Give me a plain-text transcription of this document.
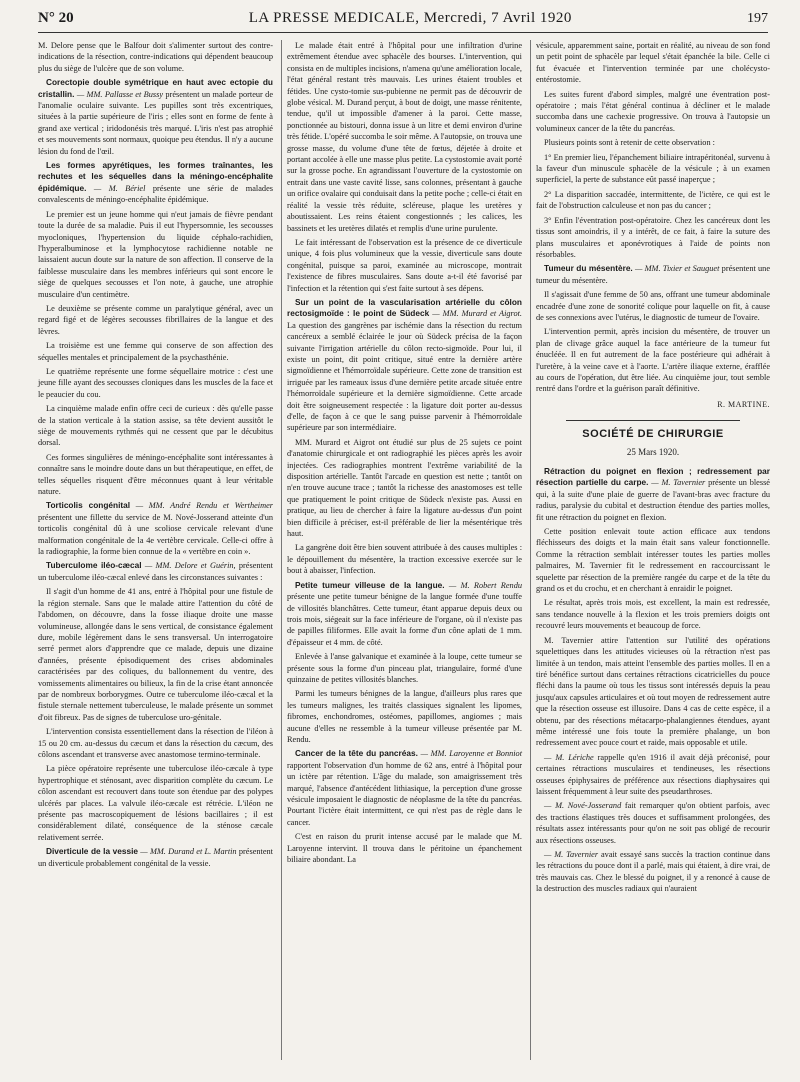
N° 20	LA PRESSE MEDICALE, Mercredi, 7 Avril 1920	197

M. Delore pense que le Balfour doit s'alimenter surtout des contre-indications de la résection, contre-indications qui dépendent beaucoup plus du siège de l'ulcère que de son volume.

Corectopie double symétrique en haut avec ectopie du cristallin. — MM. Pallasse et Bussy présentent un malade porteur de l'anomalie oculaire suivante. Les pupilles sont très excentriques, situées à la partie supérieure de l'iris ; elles sont en forme de fente à grand axe vertical ; iridodonésis très marqué. L'iris n'est pas atrophié et ses mouvements sont normaux, quoique peu étendus. Il n'y a aucune lésion du fond de l'œil.

Les formes apyrétiques, les formes traînantes, les rechutes et les séquelles dans la méningo-encéphalite épidémique. — M. Bériel présente une série de malades convalescents de méningo-encéphalite épidémique.

Le premier est un jeune homme qui n'eut jamais de fièvre pendant toute la durée de sa maladie. Puis il eut l'hypersomnie, les secousses myocloniques, l'hypertension du liquide céphalo-rachidien, l'hyperalbuminose et la lymphocytose rachidienne notable ne laissaient aucun doute sur la nature de son affection. Il conserve de la faiblesse musculaire dans les membres inférieurs qui sont encore le siège de quelques secousses et l'on note, à gauche, une atrophie musculaire d'un centimètre.

Le deuxième se présente comme un paralytique général, avec un regard figé et de légères secousses fibrillaires de la langue et des lèvres.

La troisième est une femme qui conserve de son affection des séquelles mentales et principalement de la psychasthénie.

Le quatrième représente une forme séquellaire motrice : c'est une jeune fille ayant des secousses cloniques dans les muscles de la face et le peaucier du cou.

La cinquième malade enfin offre ceci de curieux : dès qu'elle passe de la station verticale à la station assise, sa tête devient aussitôt le siège de mouvements rythmés qui ne cessent que par le décubitus dorsal.

Ces formes singulières de méningo-encéphalite sont intéressantes à connaître sans le moindre doute dans un but thérapeutique, en effet, de telles séquelles risquent d'être méconnues quant à leur véritable nature.

Torticolis congénital — MM. André Rendu et Wertheimer présentent une fillette du service de M. Nové-Josserand atteinte d'un torticolis congénital dû à une scoliose cervicale relevant d'une malformation congénitale de la 4e vertèbre cervicale. Celle-ci offre à la radiographie, la forme bien connue de la « vertèbre en coin ».

Tuberculome iléo-cæcal — MM. Delore et Guérin, présentent un tuberculome iléo-cæcal enlevé dans les circonstances suivantes :

Il s'agit d'un homme de 41 ans, entré à l'hôpital pour une fistule de la région sternale. Sans que le malade attire l'attention du côté de l'abdomen, on découvre, dans la fosse iliaque droite une masse volumineuse, allongée dans le sens vertical, de consistance également dure, mobile légèrement dans le sens transversal. Un interrogatoire serré permet alors d'apprendre que ce malade, depuis une dizaine d'années, présente épisodiquement des crises abdominales caractérisées par des coliques, du ballonnement du ventre, des vomissements alimentaires ou bilieux, la fin de la crise étant annoncée par de nombreux borborygmes. Outre ce tuberculome iléo-cæcal et la fistule sternale nettement tuberculeuse, le malade présente un sommet d'oit fibreux. Pas de signes de tuberculose uro-génitale.

L'intervention consista essentiellement dans la résection de l'iléon à 15 ou 20 cm. au-dessus du cæcum et dans la résection du cæcum, des côlons ascendant et transverse avec anastomose termino-terminale.

La pièce opératoire représente une tuberculose iléo-cæcale à type hypertrophique et sténosant, avec disparition complète du cæcum. Le côlon ascendant est recouvert dans toute son étendue par des polypes ulcérés par places. La valvule iléo-cæcale est rétrécie. L'iléon ne présente pas macroscopiquement de lésions bacillaires ; il est considérablement dilaté, conséquence de la sténose cæcale relativement serrée.

Diverticule de la vessie — MM. Durand et L. Martin présentent un diverticule probablement congénital de la vessie.

Le malade était entré à l'hôpital pour une infiltration d'urine extrêmement étendue avec sphacèle des bourses. L'intervention, qui consista en de multiples incisions, n'amena qu'une amélioration locale, l'état général restant très mauvais. Les urines étaient troubles et fétides. Une cysto-tomie sus-pubienne ne permit pas de découvrir de globe vésical. M. Durand perçut, à bout de doigt, une masse rénitente, tendue, qu'il ut impossible d'amener à la paroi. Cette masse, ponctionnée au bistouri, donna issue à un litre et demi environ d'urine très fétide. L'opéré succomba le soir même. A l'autopsie, on trouva une grosse masse, du volume d'une tête de fœtus, déjetée à droite et portant accolée à elle une masse plus petite. La cystostomie avait porté sur la grosse poche. En agrandissant l'ouverture de la cystostomie on entrait dans une vaste cavité lisse, sans colonnes, présentant à gauche un orifice ovalaire qui conduisait dans la petite poche ; celle-ci était en réalité la vessie très réduite, scléreuse, plaque les uretères y aboutissaient. Les reins étaient congestionnés ; les calices, les bassinets et les uretères dilatés et remplis d'une urine purulente.

Le fait intéressant de l'observation est la présence de ce diverticule unique, 4 fois plus volumineux que la vessie, diverticule sans doute congénital, puisque sa paroi, examinée au microscope, montrait l'existence de fibres musculaires. Sans doute a-t-il été favorisé par l'infection et la rétention qui s'est faite surtout à ses dépens.

Sur un point de la vascularisation artérielle du côlon rectosigmoïde : le point de Südeck — MM. Murard et Aigrot. La question des gangrènes par ischémie dans la résection du rectum cancéreux a semblé éclairée le jour où Südeck précisa de la façon suivante l'irrigation artérielle du côlon recto-sigmoïde. Pour lui, il existe un point, dit point critique, situé entre la dernière artère sigmoïdienne et l'hémorroïdale supérieure. Cette zone de transition est irriguée par les rameaux issus d'une dernière petite arcade située entre l'hémorroïdale supérieure et la dernière sigmoïdienne. Cette arcade doit être soigneusement respectée : la ligature doit porter au-dessus d'elle, de façon à ce que le sang puisse parvenir à l'hémorroïdale supérieure par son intermédiaire.

MM. Murard et Aigrot ont étudié sur plus de 25 sujets ce point d'anatomie chirurgicale et ont radiographié les pièces après les avoir injectées. Ces radiographies montrent l'extrême variabilité de la disposition artérielle. Tantôt l'arcade en question est nette ; tantôt on n'en trouve aucune trace ; tantôt la richesse des anastomoses est telle que pratiquement le point critique de Südeck n'existe pas. Aussi en pratique, au lieu de chercher à faire la ligature au-dessus d'un point bien difficile à préciser, est-il préférable de lier la mésentérique très haut.

La gangrène doit être bien souvent attribuée à des causes multiples : le dépouillement du mésentère, la traction excessive exercée sur le bout à abaisser, l'infection.

Petite tumeur villeuse de la langue. — M. Robert Rendu présente une petite tumeur bénigne de la langue formée d'une touffe de villosités blanchâtres. Cette tumeur, étant apparue depuis deux ou trois mois, siégeait sur la face inférieure de l'organe, où il n'existe pas de papilles filiformes. Elle avait la forme d'un cône aplati de 1 mm. d'épaisseur et 4 mm. de côté.

Enlevée à l'anse galvanique et examinée à la loupe, cette tumeur se présente sous la forme d'un pinceau plat, triangulaire, formé d'une quinzaine de petites villosités blanches.

Parmi les tumeurs bénignes de la langue, d'ailleurs plus rares que les tumeurs malignes, les traités classiques signalent les lipomes, fibromes, enchondromes, ostéomes, papillomes, angiomes ; mais aucune d'elles ne ressemble à la tumeur villeuse présentée par M. Rendu.

Cancer de la tête du pancréas. — MM. Laroyenne et Bonniot rapportent l'observation d'un homme de 62 ans, entré à l'hôpital pour un ictère par rétention. L'âge du malade, son amaigrissement très marqué, l'absence d'antécédent lithiasique, la perception d'une grosse vésicule imposaient le diagnostic de néoplasme de la tête du pancréas. Pourtant l'ictère était intermittent, ce qui n'est pas de règle dans le cancer.

C'est en raison du prurit intense accusé par le malade que M. Laroyenne intervint. Il trouva dans le péritoine un épanchement biliaire abondant. La

vésicule, apparemment saine, portait en réalité, au niveau de son fond un petit point de sphacèle par lequel s'était épanchée la bile. Celle ci fut évacuée et l'intervention terminée par une cholécysto-entérostomie.

Les suites furent d'abord simples, malgré une éventration post-opératoire ; mais l'état général continua à décliner et le malade succomba dans une cachexie progressive. On trouva à l'autopsie un volumineux cancer de la tête du pancréas.

Plusieurs points sont à retenir de cette observation :

1° En premier lieu, l'épanchement biliaire intrapéritonéal, survenu à la faveur d'un minuscule sphacèle de la vésicule ; à un examen superficiel, la perte de substance eût passé inaperçue ;

2° La disparition saccadée, intermittente, de l'ictère, ce qui est le fait de l'obstruction calculeuse et non pas du cancer ;

3° Enfin l'éventration post-opératoire. Chez les cancéreux dont les tissus sont amoindris, il y a intérêt, de ce fait, à faire la suture des plans musculaires et aponévrotiques à l'aide de points non résorbables.

Tumeur du mésentère. — MM. Tixier et Sauguet présentent une tumeur du mésentère.

Il s'agissait d'une femme de 50 ans, offrant une tumeur abdominale encadrée d'une zone de sonorité colique pour laquelle on fit, à cause de ses connexions avec l'utérus, le diagnostic de tumeur de l'ovaire.

L'intervention permit, après incision du mésentère, de trouver un plan de clivage grâce auquel la face antérieure de la tumeur fut énucléée. Il en fut autrement de la face postérieure qui adhérait à l'uretère, à la veine cave et à l'aorte. L'artère iliaque externe, érafflée au cours de l'opération, dut être liée. Au cinquième jour, tout semble rentré dans l'ordre et la guérison paraît définitive.

R. MARTINE.

SOCIÉTÉ DE CHIRURGIE

25 Mars 1920.

Rétraction du poignet en flexion ; redressement par résection partielle du carpe. — M. Tavernier présente un blessé qui, à la suite d'une plaie de guerre de l'avant-bras avec fracture du radius, paralysie du cubital et destruction étendue des parties molles, fit une rétraction du poignet en flexion.

Cette position enlevait toute action efficace aux tendons fléchisseurs des doigts et la main était sans valeur fonctionnelle. Comme la rétraction semblait intéresser toutes les parties molles palmaires, M. Tavernier fit le redressement en raccourcissant le squelette par résection de la première rangée du carpe et de la tête du grand os et du crochu, et en cherchant à enraidir le poignet.

Le résultat, après trois mois, est excellent, la main est redressée, sans tendance nouvelle à la flexion et les trois premiers doigts ont recouvré leurs mouvements et beaucoup de force.

M. Tavernier attire l'attention sur l'utilité des opérations squelettiques dans les attitudes vicieuses où la rétraction n'est pas limitée à un tendon, mais atteint l'ensemble des parties molles. Il en a tiré bénéfice surtout dans certaines rétractions cicatricielles du pouce fléchi dans la paume où tous les tissus sont intéressés depuis la peau jusqu'aux capsules articulaires et où tout moyen de redressement autre que la résection osseuse est illusoire. Dans 4 cas de cette espèce, il a obtenu, par des résections métacarpo-phalangiennes étendues, ayant même intéressé une fois toute la première phalange, un bon redressement avec pouce court et raide, mais opposable et utile.

— M. Lériche rappelle qu'en 1916 il avait déjà préconisé, pour certaines rétractions musculaires et tendineuses, les résections osseuses épiphysaires de préférence aux résections diaphysaires qui laissent fréquemment à leur suite des pseudarthroses.

— M. Nové-Josserand fait remarquer qu'on obtient parfois, avec des tractions élastiques très douces et suffisamment prolongées, des résultats assez intéressants pour qu'on ne soit pas obligé de recourir aux résections osseuses.

— M. Tavernier avait essayé sans succès la traction continue dans les rétractions du pouce dont il a parlé, mais qui étaient, à dire vrai, de très mauvais cas. Chez le blessé du poignet, il y a renoncé à cause de la destruction des muscles radiaux qui n'auraient
